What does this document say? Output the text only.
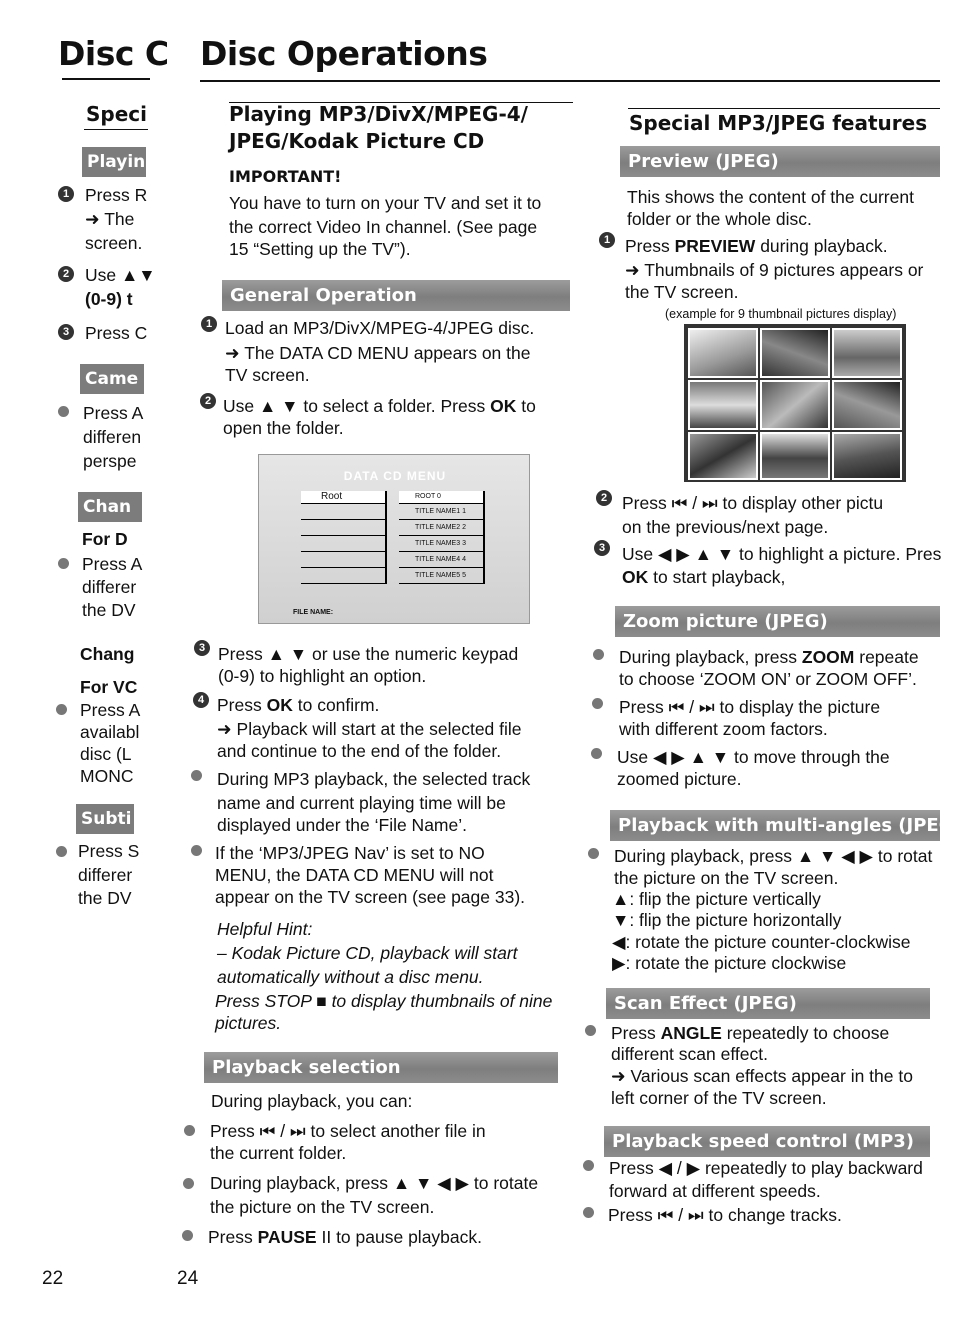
Disc C
Speci
Playin
1 Press R
➜ The
screen.
2 Use ▲▼
(0-9) t
3 Press C
Came
Press A
differen
perspe
Chan
For D
Press A
differer
the DV
Chang
For VC
Press A
availabl
disc (L
MONC
Subti
Press S
differer
the DV
22
Disc Operations
Playing MP3/DivX/MPEG-4/
JPEG/Kodak Picture CD
IMPORTANT!
You have to turn on your TV and set it to
the correct Video In channel. (See page
15 “Setting up the TV”).
General Operation
1 Load an MP3/DivX/MPEG-4/JPEG disc.
➜ The DATA CD MENU appears on the
TV screen.
2 Use ▲ ▼ to select a folder. Press OK to
open the folder.
DATA CD MENU
Root	ROOT 0
TITLE NAME1 1
TITLE NAME2 2
TITLE NAME3 3
TITLE NAME4 4
TITLE NAME5 5
FILE NAME:
3 Press ▲ ▼ or use the numeric keypad
(0-9) to highlight an option.
4 Press OK to confirm.
➜ Playback will start at the selected file
and continue to the end of the folder.
During MP3 playback, the selected track
name and current playing time will be
displayed under the ‘File Name’.
If the ‘MP3/JPEG Nav’ is set to NO
MENU, the DATA CD MENU will not
appear on the TV screen (see page 33).
Helpful Hint:
– Kodak Picture CD, playback will start
automatically without a disc menu.
Press STOP ■ to display thumbnails of nine
pictures.
Playback selection
During playback, you can:
Press ⏮ / ⏭ to select another file in
the current folder.
During playback, press ▲ ▼ ◀ ▶ to rotate
the picture on the TV screen.
Press PAUSE II to pause playback.
24
Special MP3/JPEG features
Preview (JPEG)
This shows the content of the current
folder or the whole disc.
1 Press PREVIEW during playback.
➜ Thumbnails of 9 pictures appears or
the TV screen.
(example for 9 thumbnail pictures display)
2 Press ⏮ / ⏭ to display other pictu
on the previous/next page.
3 Use ◀ ▶ ▲ ▼ to highlight a picture. Pres
OK to start playback,
Zoom picture (JPEG)
During playback, press ZOOM repeate
to choose ‘ZOOM ON’ or ZOOM OFF’.
Press ⏮ / ⏭ to display the picture
with different zoom factors.
Use ◀ ▶ ▲ ▼ to move through the
zoomed picture.
Playback with multi-angles (JPEG)
During playback, press ▲ ▼ ◀ ▶ to rotat
the picture on the TV screen.
▲: flip the picture vertically
▼: flip the picture horizontally
◀: rotate the picture counter-clockwise
▶: rotate the picture clockwise
Scan Effect (JPEG)
Press ANGLE repeatedly to choose
different scan effect.
➜ Various scan effects appear in the to
left corner of the TV screen.
Playback speed control (MP3)
Press ◀ / ▶ repeatedly to play backward
forward at different speeds.
Press ⏮ / ⏭ to change tracks.
